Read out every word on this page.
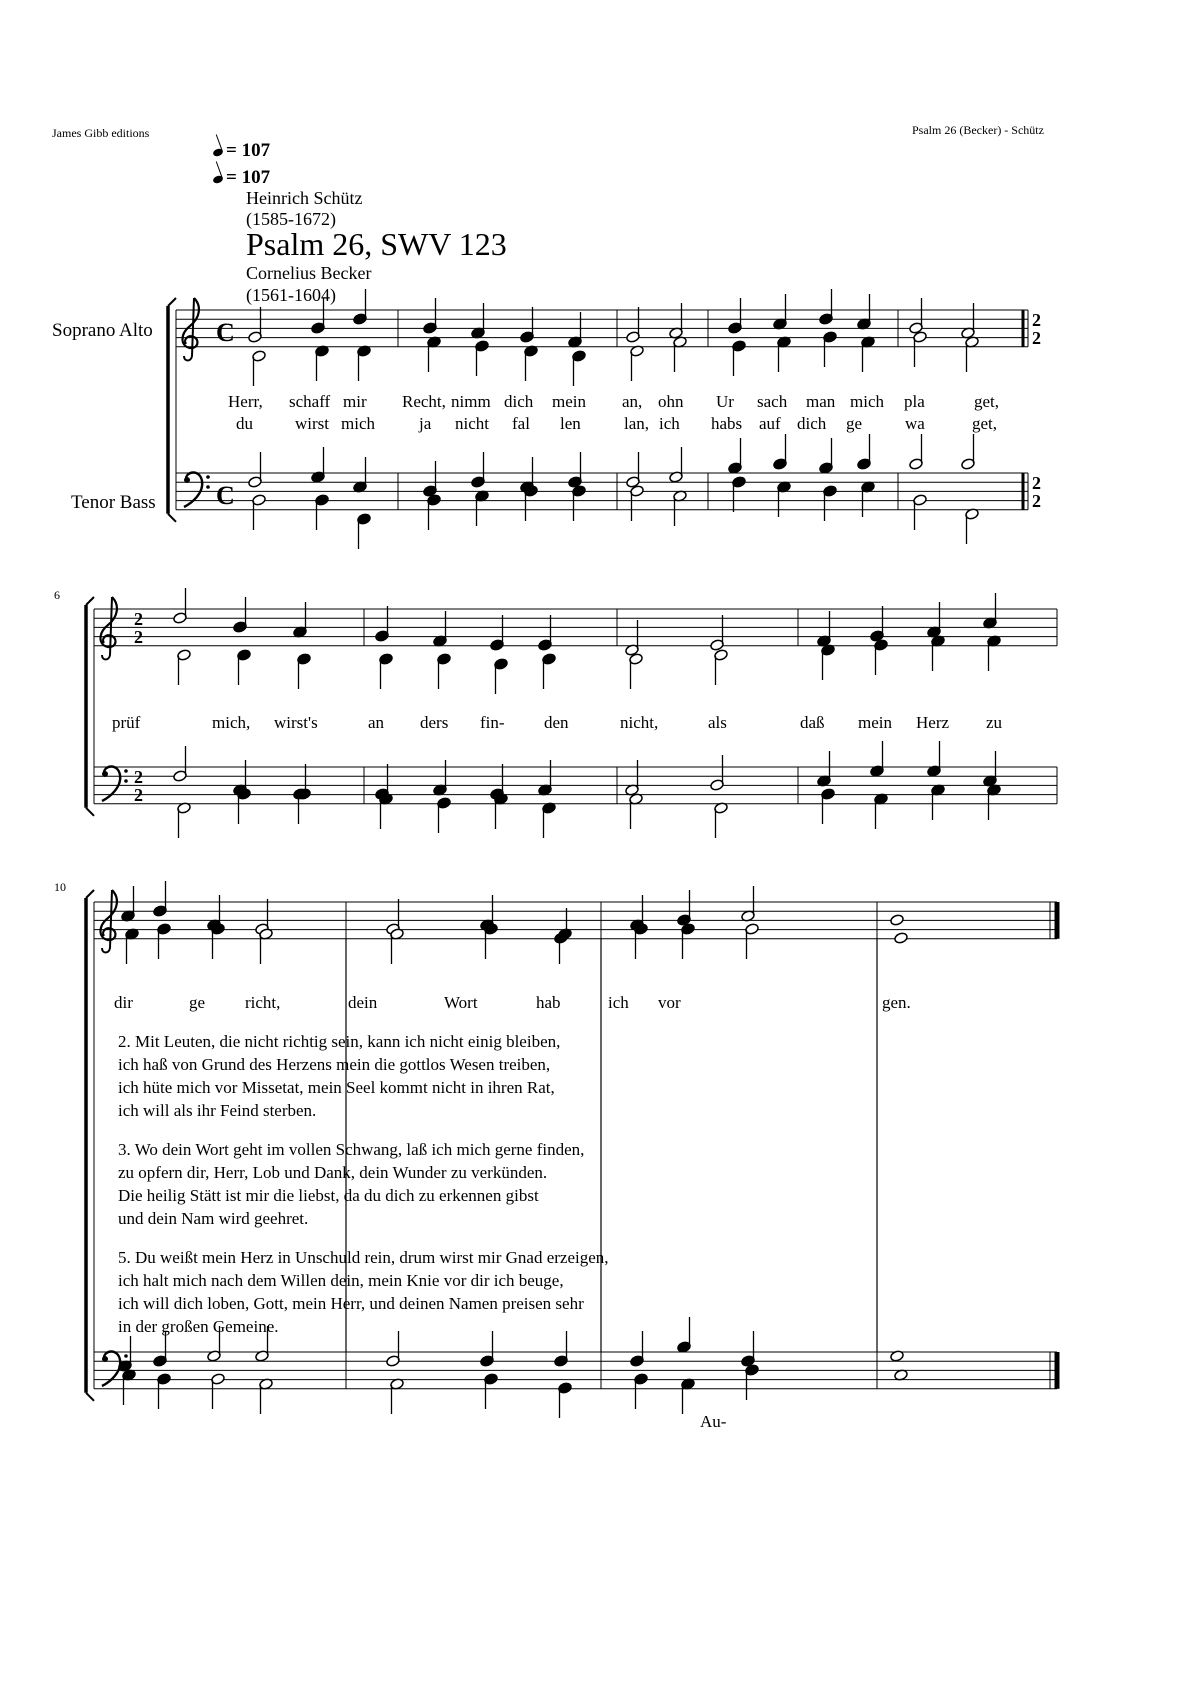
James Gibb editions	Psalm 26 (Becker) - Schütz
= 107
= 107
Heinrich Schütz
(1585-1672)
Psalm 26, SWV 123
Cornelius Becker
(1561-1604)
Soprano Alto
Tenor Bass
6
10
C
C
2
2
2
2
2
2
2
2
Herr, schaff mir Recht, nimm dich mein an, ohn Ur sach man mich pla	get,
du wirst mich	ja nicht fal len	lan, ich habs auf dich ge	wa	get,
prüf	mich, wirst's	an ders fin- den	nicht,	als	daß mein Herz zu
dir	ge richt,	dein	Wort	hab	ich vor	gen.
Au-
2. Mit Leuten, die nicht richtig sein, kann ich nicht einig bleiben,
ich haß von Grund des Herzens mein die gottlos Wesen treiben,
ich hüte mich vor Missetat, mein Seel kommt nicht in ihren Rat,
ich will als ihr Feind sterben.
3. Wo dein Wort geht im vollen Schwang, laß ich mich gerne finden,
zu opfern dir, Herr, Lob und Dank, dein Wunder zu verkünden.
Die heilig Stätt ist mir die liebst, da du dich zu erkennen gibst
und dein Nam wird geehret.
5. Du weißt mein Herz in Unschuld rein, drum wirst mir Gnad erzeigen,
ich halt mich nach dem Willen dein, mein Knie vor dir ich beuge,
ich will dich loben, Gott, mein Herr, und deinen Namen preisen sehr
in der großen Gemeine.
